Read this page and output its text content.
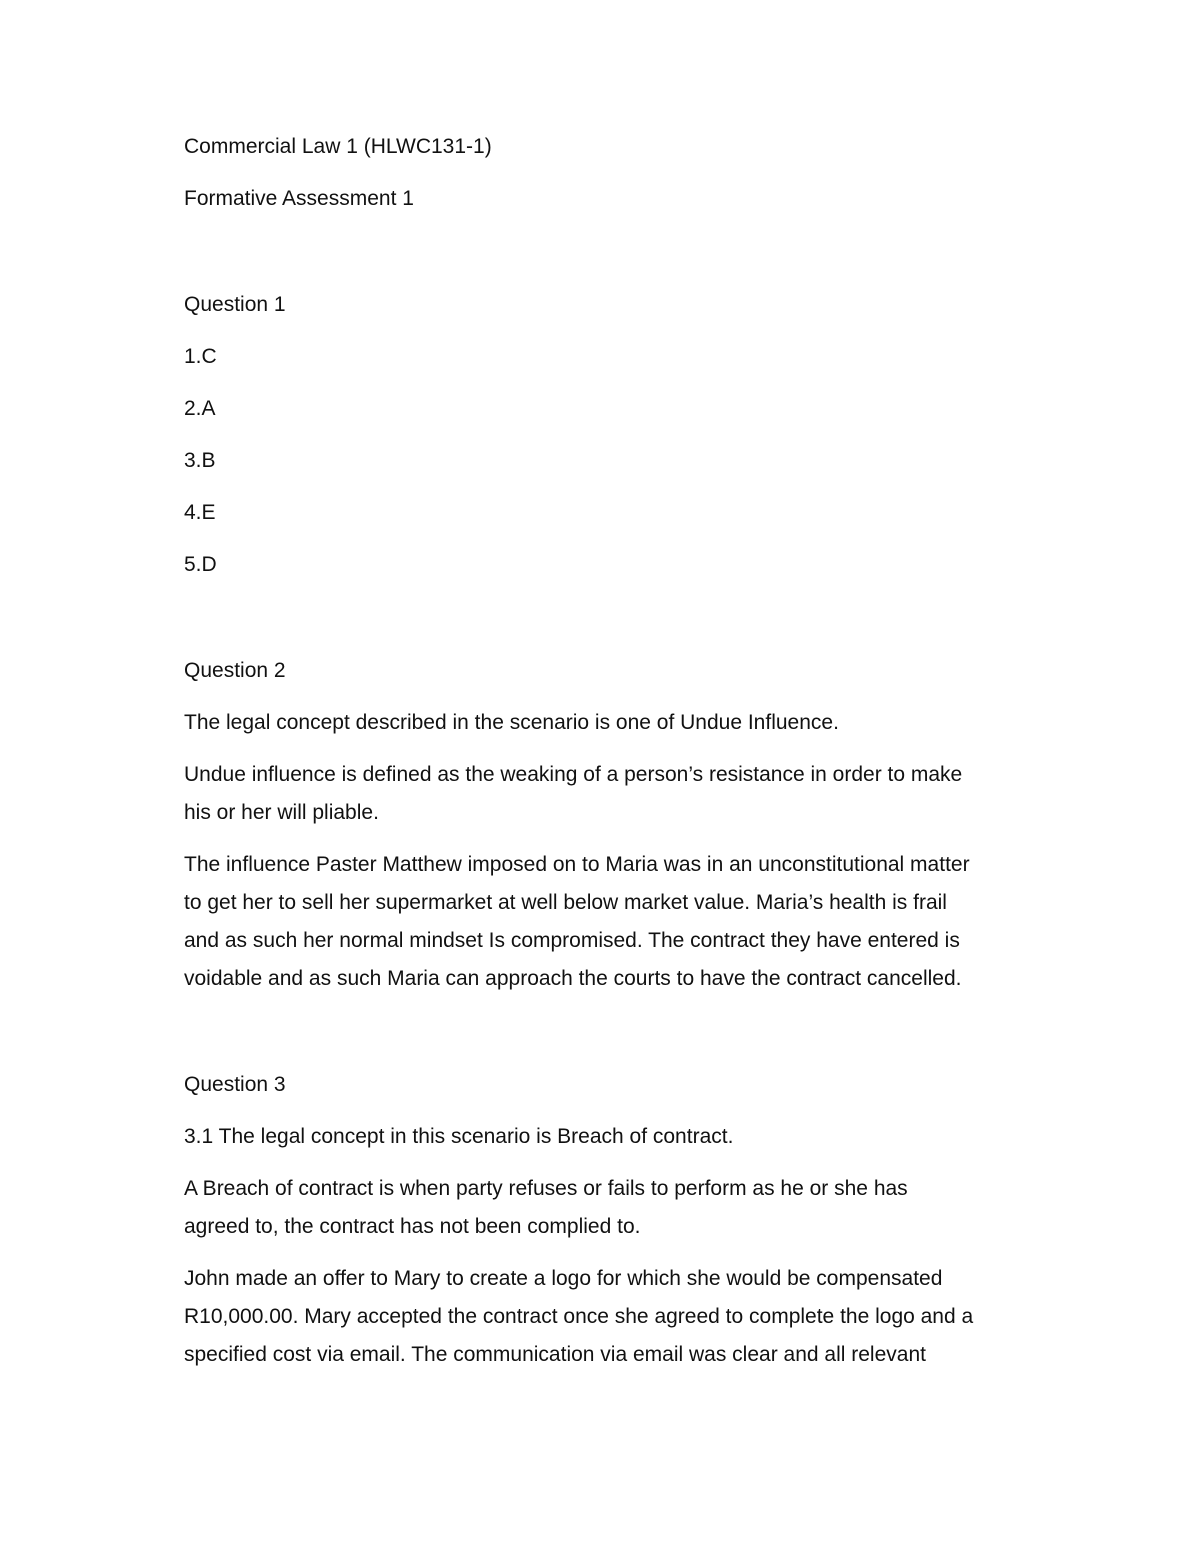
Commercial Law 1 (HLWC131-1)
Formative Assessment 1
Question 1
1.C
2.A
3.B
4.E
5.D
Question 2
The legal concept described in the scenario is one of Undue Influence.
Undue influence is defined as the weaking of a person’s resistance in order to make
his or her will pliable.
The influence Paster Matthew imposed on to Maria was in an unconstitutional matter
to get her to sell her supermarket at well below market value. Maria’s health is frail
and as such her normal mindset Is compromised. The contract they have entered is
voidable and as such Maria can approach the courts to have the contract cancelled.
Question 3
3.1 The legal concept in this scenario is Breach of contract.
A Breach of contract is when party refuses or fails to perform as he or she has
agreed to, the contract has not been complied to.
John made an offer to Mary to create a logo for which she would be compensated
R10,000.00. Mary accepted the contract once she agreed to complete the logo and a
specified cost via email. The communication via email was clear and all relevant
